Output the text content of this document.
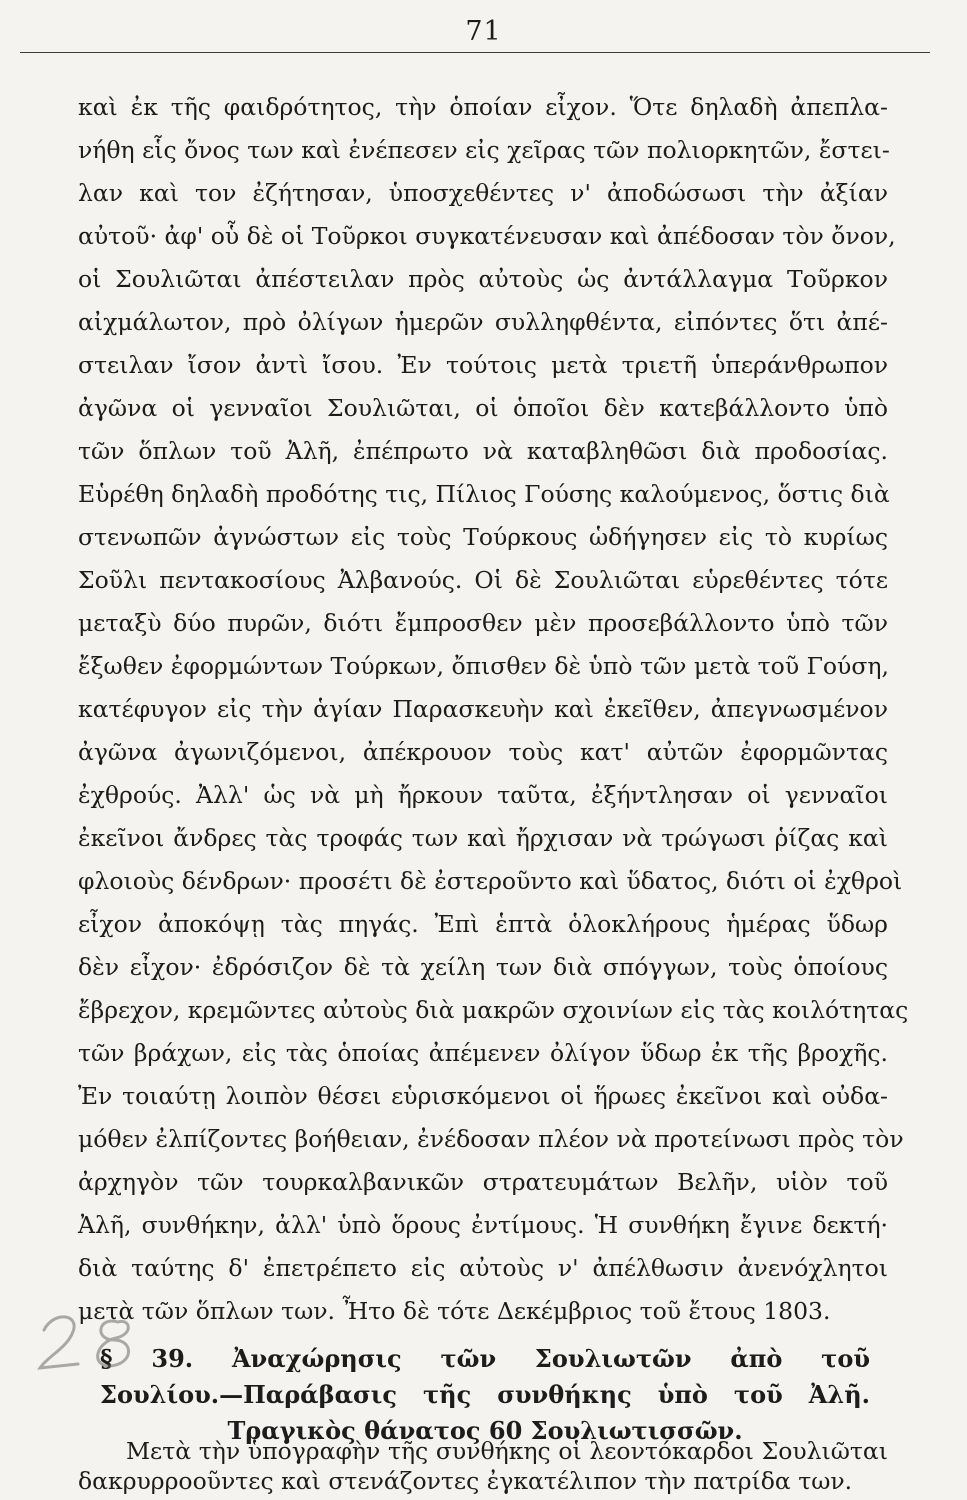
71
καὶ ἐκ τῆς φαιδρότητος, τὴν ὁποίαν εἶχον. Ὅτε δηλαδὴ ἀπεπλα-
νήθη εἷς ὄνος των καὶ ἐνέπεσεν εἰς χεῖρας τῶν πολιορκητῶν, ἔστει-
λαν καὶ τον ἐζήτησαν, ὑποσχεθέντες ν' ἀποδώσωσι τὴν ἀξίαν
αὐτοῦ· ἀφ' οὗ δὲ οἱ Τοῦρκοι συγκατένευσαν καὶ ἀπέδοσαν τὸν ὄνον,
οἱ Σουλιῶται ἀπέστειλαν πρὸς αὐτοὺς ὡς ἀντάλλαγμα Τοῦρκον
αἰχμάλωτον, πρὸ ὀλίγων ἡμερῶν συλληφθέντα, εἰπόντες ὅτι ἀπέ-
στειλαν ἴσον ἀντὶ ἴσου. Ἐν τούτοις μετὰ τριετῆ ὑπεράνθρωπον
ἀγῶνα οἱ γενναῖοι Σουλιῶται, οἱ ὁποῖοι δὲν κατεβάλλοντο ὑπὸ
τῶν ὅπλων τοῦ Ἀλῆ, ἐπέπρωτο νὰ καταβληθῶσι διὰ προδοσίας.
Εὑρέθη δηλαδὴ προδότης τις, Πίλιος Γούσης καλούμενος, ὅστις διὰ
στενωπῶν ἀγνώστων εἰς τοὺς Τούρκους ὡδήγησεν εἰς τὸ κυρίως
Σοῦλι πεντακοσίους Ἀλβανούς. Οἱ δὲ Σουλιῶται εὑρεθέντες τότε
μεταξὺ δύο πυρῶν, διότι ἔμπροσθεν μὲν προσεβάλλοντο ὑπὸ τῶν
ἔξωθεν ἐφορμώντων Τούρκων, ὄπισθεν δὲ ὑπὸ τῶν μετὰ τοῦ Γούση,
κατέφυγον εἰς τὴν ἁγίαν Παρασκευὴν καὶ ἐκεῖθεν, ἀπεγνωσμένον
ἀγῶνα ἀγωνιζόμενοι, ἀπέκρουον τοὺς κατ' αὐτῶν ἐφορμῶντας
ἐχθρούς. Ἀλλ' ὡς νὰ μὴ ἤρκουν ταῦτα, ἐξήντλησαν οἱ γενναῖοι
ἐκεῖνοι ἄνδρες τὰς τροφάς των καὶ ἤρχισαν νὰ τρώγωσι ῥίζας καὶ
φλοιοὺς δένδρων· προσέτι δὲ ἐστεροῦντο καὶ ὕδατος, διότι οἱ ἐχθροὶ
εἶχον ἀποκόψῃ τὰς πηγάς. Ἐπὶ ἑπτὰ ὁλοκλήρους ἡμέρας ὕδωρ
δὲν εἶχον· ἐδρόσιζον δὲ τὰ χείλη των διὰ σπόγγων, τοὺς ὁποίους
ἔβρεχον, κρεμῶντες αὐτοὺς διὰ μακρῶν σχοινίων εἰς τὰς κοιλότητας
τῶν βράχων, εἰς τὰς ὁποίας ἀπέμενεν ὀλίγον ὕδωρ ἐκ τῆς βροχῆς.
Ἐν τοιαύτῃ λοιπὸν θέσει εὑρισκόμενοι οἱ ἥρωες ἐκεῖνοι καὶ οὐδα-
μόθεν ἐλπίζοντες βοήθειαν, ἐνέδοσαν πλέον νὰ προτείνωσι πρὸς τὸν
ἀρχηγὸν τῶν τουρκαλβανικῶν στρατευμάτων Βελῆν, υἱὸν τοῦ
Ἀλῆ, συνθήκην, ἀλλ' ὑπὸ ὅρους ἐντίμους. Ἡ συνθήκη ἔγινε δεκτή·
διὰ ταύτης δ' ἐπετρέπετο εἰς αὐτοὺς ν' ἀπέλθωσιν ἀνενόχλητοι
μετὰ τῶν ὅπλων των. Ἦτο δὲ τότε Δεκέμβριος τοῦ ἔτους 1803.
§ 39. Ἀναχώρησις τῶν Σουλιωτῶν ἀπὸ τοῦ
Σουλίου.—Παράβασις τῆς συνθήκης ὑπὸ τοῦ Ἀλῆ.
Τραγικὸς θάνατος 60 Σουλιωτισσῶν.
Μετὰ τὴν ὑπογραφὴν τῆς συνθήκης οἱ λεοντόκαρδοι Σουλιῶται
δακρυρροοῦντες καὶ στενάζοντες ἐγκατέλιπον τὴν πατρίδα των.
